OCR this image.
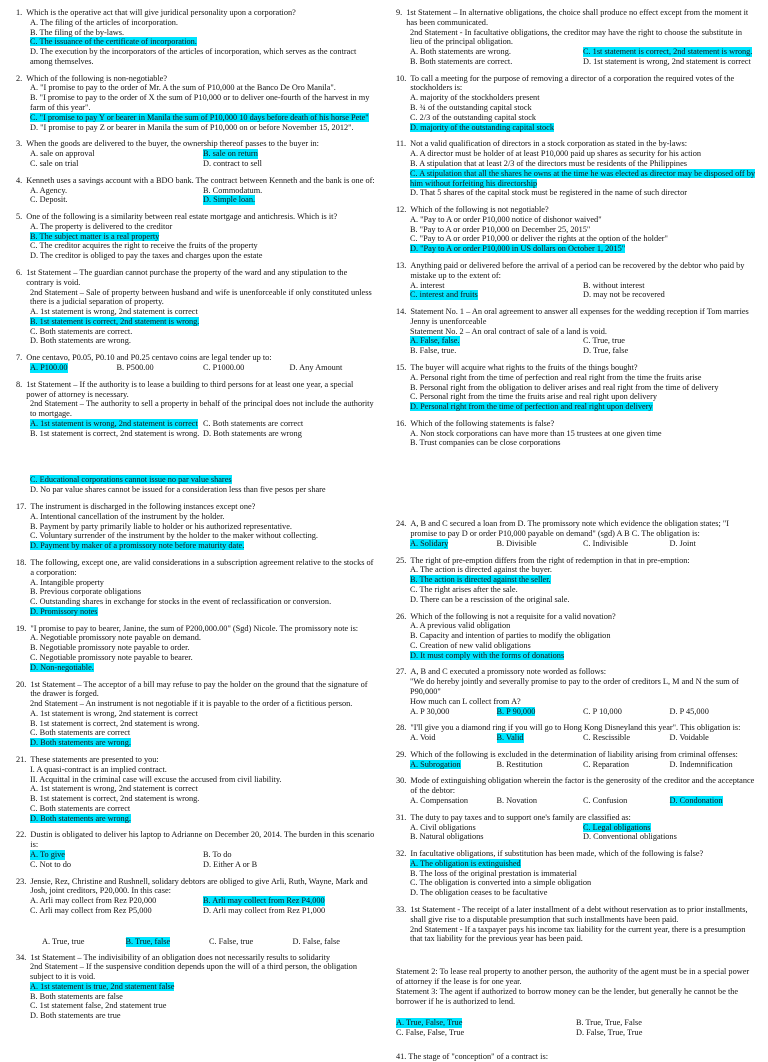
1. Which is the operative act that will give juridical personality upon a corporation?
A. The filing of the articles of incorporation.
B. The filing of the by-laws.
C. The issuance of the certificate of incorporation.
D. The execution by the incorporators of the articles of incorporation, which serves as the contract among themselves.
2. Which of the following is non-negotiable?
A. "I promise to pay to the order of Mr. A the sum of P10,000 at the Banco De Oro Manila".
B. "I promise to pay to the order of X the sum of P10,000 or to deliver one-fourth of the harvest in my farm of this year".
C. "I promise to pay Y or bearer in Manila the sum of P10,000 10 days before death of his horse Pete"
D. "I promise to pay Z or bearer in Manila the sum of P10,000 on or before November 15, 2012".
3. When the goods are delivered to the buyer, the ownership thereof passes to the buyer in:
A. sale on approval	B. sale on return
C. sale on trial	D. contract to sell
4. Kenneth uses a savings account with a BDO bank. The contract between Kenneth and the bank is one of:
A. Agency.	B. Commodatum.
C. Deposit.	D. Simple loan.
5. One of the following is a similarity between real estate mortgage and antichresis. Which is it?
A. The property is delivered to the creditor
B. The subject matter is a real property
C. The creditor acquires the right to receive the fruits of the property
D. The creditor is obliged to pay the taxes and charges upon the estate
6. 1st Statement – The guardian cannot purchase the property of the ward and any stipulation to the contrary is void.
2nd Statement – Sale of property between husband and wife is unenforceable if only constituted unless there is a judicial separation of property.
A. 1st statement is wrong, 2nd statement is correct
B. 1st statement is correct, 2nd statement is wrong.
C. Both statements are correct.
D. Both statements are wrong.
7. One centavo, P0.05, P0.10 and P0.25 centavo coins are legal tender up to:
A. P100.00	B. P500.00	C. P1000.00	D. Any Amount
8. 1st Statement – If the authority is to lease a building to third persons for at least one year, a special power of attorney is necessary.
2nd Statement – The authority to sell a property in behalf of the principal does not include the authority to mortgage.
A. 1st statement is wrong, 2nd statement is correct C. Both statements are correct
B. 1st statement is correct, 2nd statement is wrong. D. Both statements are wrong
C. Educational corporations cannot issue no par value shares
D. No par value shares cannot be issued for a consideration less than five pesos per share
17. The instrument is discharged in the following instances except one?
A. Intentional cancellation of the instrument by the holder.
B. Payment by party primarily liable to holder or his authorized representative.
C. Voluntary surrender of the instrument by the holder to the maker without collecting.
D. Payment by maker of a promissory note before maturity date.
18. The following, except one, are valid considerations in a subscription agreement relative to the stocks of a corporation:
A. Intangible property
B. Previous corporate obligations
C. Outstanding shares in exchange for stocks in the event of reclassification or conversion.
D. Promissory notes
19. "I promise to pay to bearer, Janine, the sum of P200,000.00" (Sgd) Nicole. The promissory note is:
A. Negotiable promissory note payable on demand.
B. Negotiable promissory note payable to order.
C. Negotiable promissory note payable to bearer.
D. Non-negotiable.
20. 1st Statement – The acceptor of a bill may refuse to pay the holder on the ground that the signature of the drawer is forged.
2nd Statement – An instrument is not negotiable if it is payable to the order of a fictitious person.
A. 1st statement is wrong, 2nd statement is correct
B. 1st statement is correct, 2nd statement is wrong.
C. Both statements are correct
D. Both statements are wrong.
21. These statements are presented to you:
I. A quasi-contract is an implied contract.
II. Acquittal in the criminal case will excuse the accused from civil liability.
A. 1st statement is wrong, 2nd statement is correct
B. 1st statement is correct, 2nd statement is wrong.
C. Both statements are correct
D. Both statements are wrong.
22. Dustin is obligated to deliver his laptop to Adrianne on December 20, 2014. The burden in this scenario is:
A. To give	B. To do
C. Not to do	D. Either A or B
23. Jensie, Rez, Christine and Rushnell, solidary debtors are obliged to give Arli, Ruth, Wayne, Mark and Josh, joint creditors, P20,000. In this case:
A. Arli may collect from Rez P20,000	B. Arli may collect from Rez P4,000
C. Arli may collect from Rez P5,000	D. Arli may collect from Rez P1,000
A. True, true	B. True, false	C. False, true	D. False, false
34. 1st Statement – The indivisibility of an obligation does not necessarily results to solidarity
2nd Statement – If the suspensive condition depends upon the will of a third person, the obligation subject to it is void.
A. 1st statement is true, 2nd statement false
B. Both statements are false
C. 1st statement false, 2nd statement true
D. Both statements are true
9. 1st Statement – In alternative obligations, the choice shall produce no effect except from the moment it has been communicated.
2nd Statement - In facultative obligations, the creditor may have the right to choose the substitute in lieu of the principal obligation.
A. Both statements are wrong.	C. 1st statement is correct, 2nd statement is wrong.
B. Both statements are correct.	D. 1st statement is wrong, 2nd statement is correct
10. To call a meeting for the purpose of removing a director of a corporation the required votes of the stockholders is:
A. majority of the stockholders present
B. ¾ of the outstanding capital stock
C. 2/3 of the outstanding capital stock
D. majority of the outstanding capital stock
11. Not a valid qualification of directors in a stock corporation as stated in the by-laws:
A. A director must be holder of at least P10,000 paid up shares as security for his action
B. A stipulation that at least 2/3 of the directors must be residents of the Philippines
C. A stipulation that all the shares he owns at the time he was elected as director may be disposed off by him without forfeiting his directorship
D. That 5 shares of the capital stock must be registered in the name of such director
12. Which of the following is not negotiable?
A. "Pay to A or order P10,000 notice of dishonor waived"
B. "Pay to A or order P10,000 on December 25, 2015"
C. "Pay to A or order P10,000 or deliver the rights at the option of the holder"
D. "Pay to A or order P10,000 in US dollars on October 1, 2015"
13. Anything paid or delivered before the arrival of a period can be recovered by the debtor who paid by mistake up to the extent of:
A. interest	B. without interest
C. interest and fruits	D. may not be recovered
14. Statement No. 1 – An oral agreement to answer all expenses for the wedding reception if Tom marries Jenny is unenforceable
Statement No. 2 – An oral contract of sale of a land is void.
A. False, false.	C. True, true
B. False, true.	D. True, false
15. The buyer will acquire what rights to the fruits of the things bought?
A. Personal right from the time of perfection and real right from the time the fruits arise
B. Personal right from the obligation to deliver arises and real right from the time of delivery
C. Personal right from the time the fruits arise and real right upon delivery
D. Personal right from the time of perfection and real right upon delivery
16. Which of the following statements is false?
A. Non stock corporations can have more than 15 trustees at one given time
B. Trust companies can be close corporations
24. A, B and C secured a loan from D. The promissory note which evidence the obligation states; "I promise to pay D or order P10,000 payable on demand" (sgd) A B C. The obligation is:
A. Solidary	B. Divisible	C. Indivisible	D. Joint
25. The right of pre-emption differs from the right of redemption in that in pre-emption:
A. The action is directed against the buyer.
B. The action is directed against the seller.
C. The right arises after the sale.
D. There can be a rescission of the original sale.
26. Which of the following is not a requisite for a valid novation?
A. A previous valid obligation
B. Capacity and intention of parties to modify the obligation
C. Creation of new valid obligations
D. It must comply with the forms of donations
27. A, B and C executed a promissory note worded as follows:
"We do hereby jointly and severally promise to pay to the order of creditors L, M and N the sum of P90,000"
How much can L collect from A?
A. P 30,000	B. P 90,000	C. P 10,000	D. P 45,000
28. "I'll give you a diamond ring if you will go to Hong Kong Disneyland this year". This obligation is:
A. Void	B. Valid	C. Rescissible	D. Voidable
29. Which of the following is excluded in the determination of liability arising from criminal offenses:
A. Subrogation	B. Restitution	C. Reparation	D. Indemnification
30. Mode of extinguishing obligation wherein the factor is the generosity of the creditor and the acceptance of the debtor:
A. Compensation	B. Novation	C. Confusion	D. Condonation
31. The duty to pay taxes and to support one's family are classified as:
A. Civil obligations	C. Legal obligations
B. Natural obligations	D. Conventional obligations
32. In facultative obligations, if substitution has been made, which of the following is false?
A. The obligation is extinguished
B. The loss of the original prestation is immaterial
C. The obligation is converted into a simple obligation
D. The obligation ceases to be facultative
33. 1st Statement - The receipt of a later installment of a debt without reservation as to prior installments, shall give rise to a disputable presumption that such installments have been paid.
2nd Statement - If a taxpayer pays his income tax liability for the current year, there is a presumption that tax liability for the previous year has been paid.
Statement 2: To lease real property to another person, the authority of the agent must be in a special power of attorney if the lease is for one year.
Statement 3: The agent if authorized to borrow money can be the lender, but generally he cannot be the borrower if he is authorized to lend.
A. True, False, True	B. True, True, False
C. False, False, True	D. False, True, True
41. The stage of "conception" of a contract is:
